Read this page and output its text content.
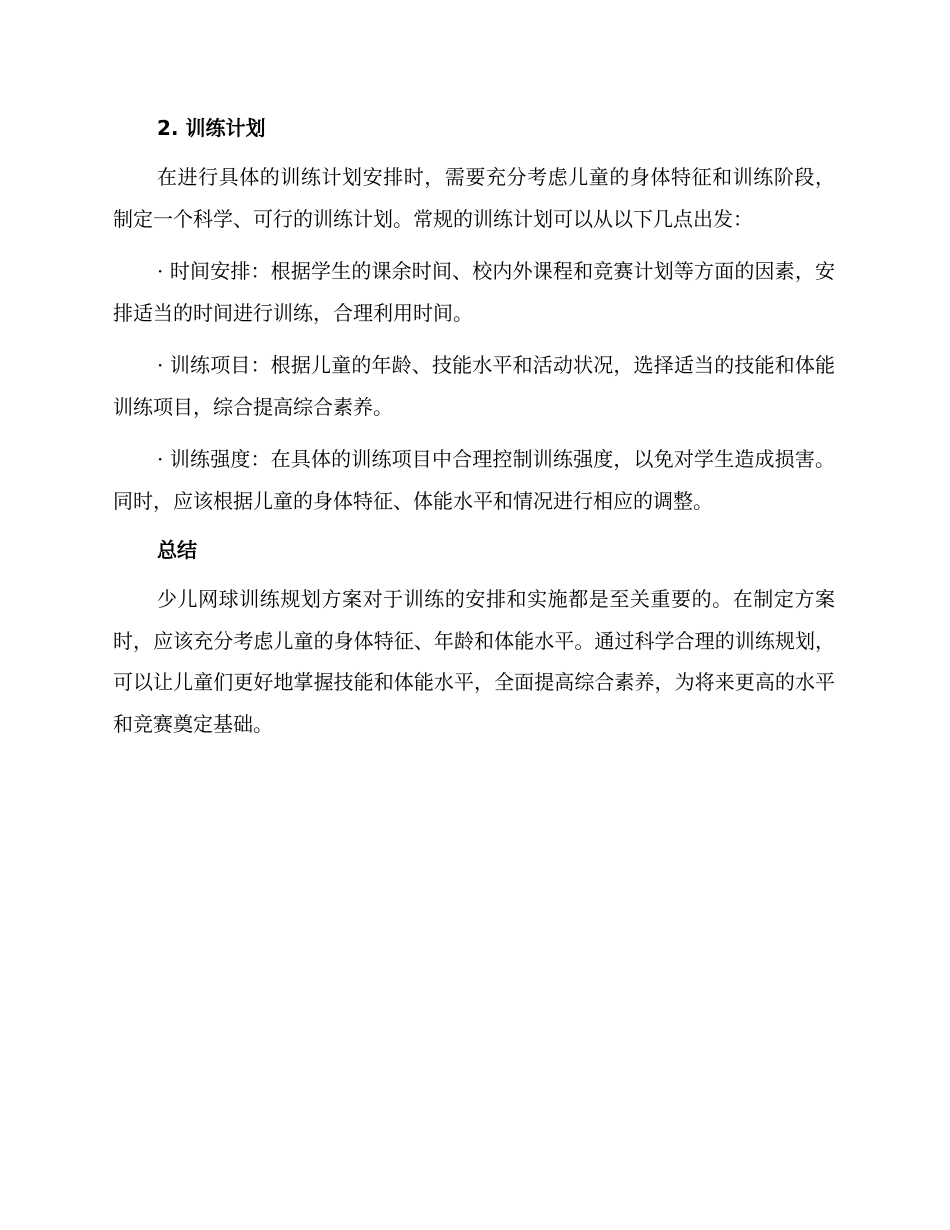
2. 训练计划

在进行具体的训练计划安排时，需要充分考虑儿童的身体特征和训练阶段，制定一个科学、可行的训练计划。常规的训练计划可以从以下几点出发：

· 时间安排：根据学生的课余时间、校内外课程和竞赛计划等方面的因素，安排适当的时间进行训练，合理利用时间。

· 训练项目：根据儿童的年龄、技能水平和活动状况，选择适当的技能和体能训练项目，综合提高综合素养。

· 训练强度：在具体的训练项目中合理控制训练强度，以免对学生造成损害。同时，应该根据儿童的身体特征、体能水平和情况进行相应的调整。

总结

少儿网球训练规划方案对于训练的安排和实施都是至关重要的。在制定方案时，应该充分考虑儿童的身体特征、年龄和体能水平。通过科学合理的训练规划，可以让儿童们更好地掌握技能和体能水平，全面提高综合素养，为将来更高的水平和竞赛奠定基础。
